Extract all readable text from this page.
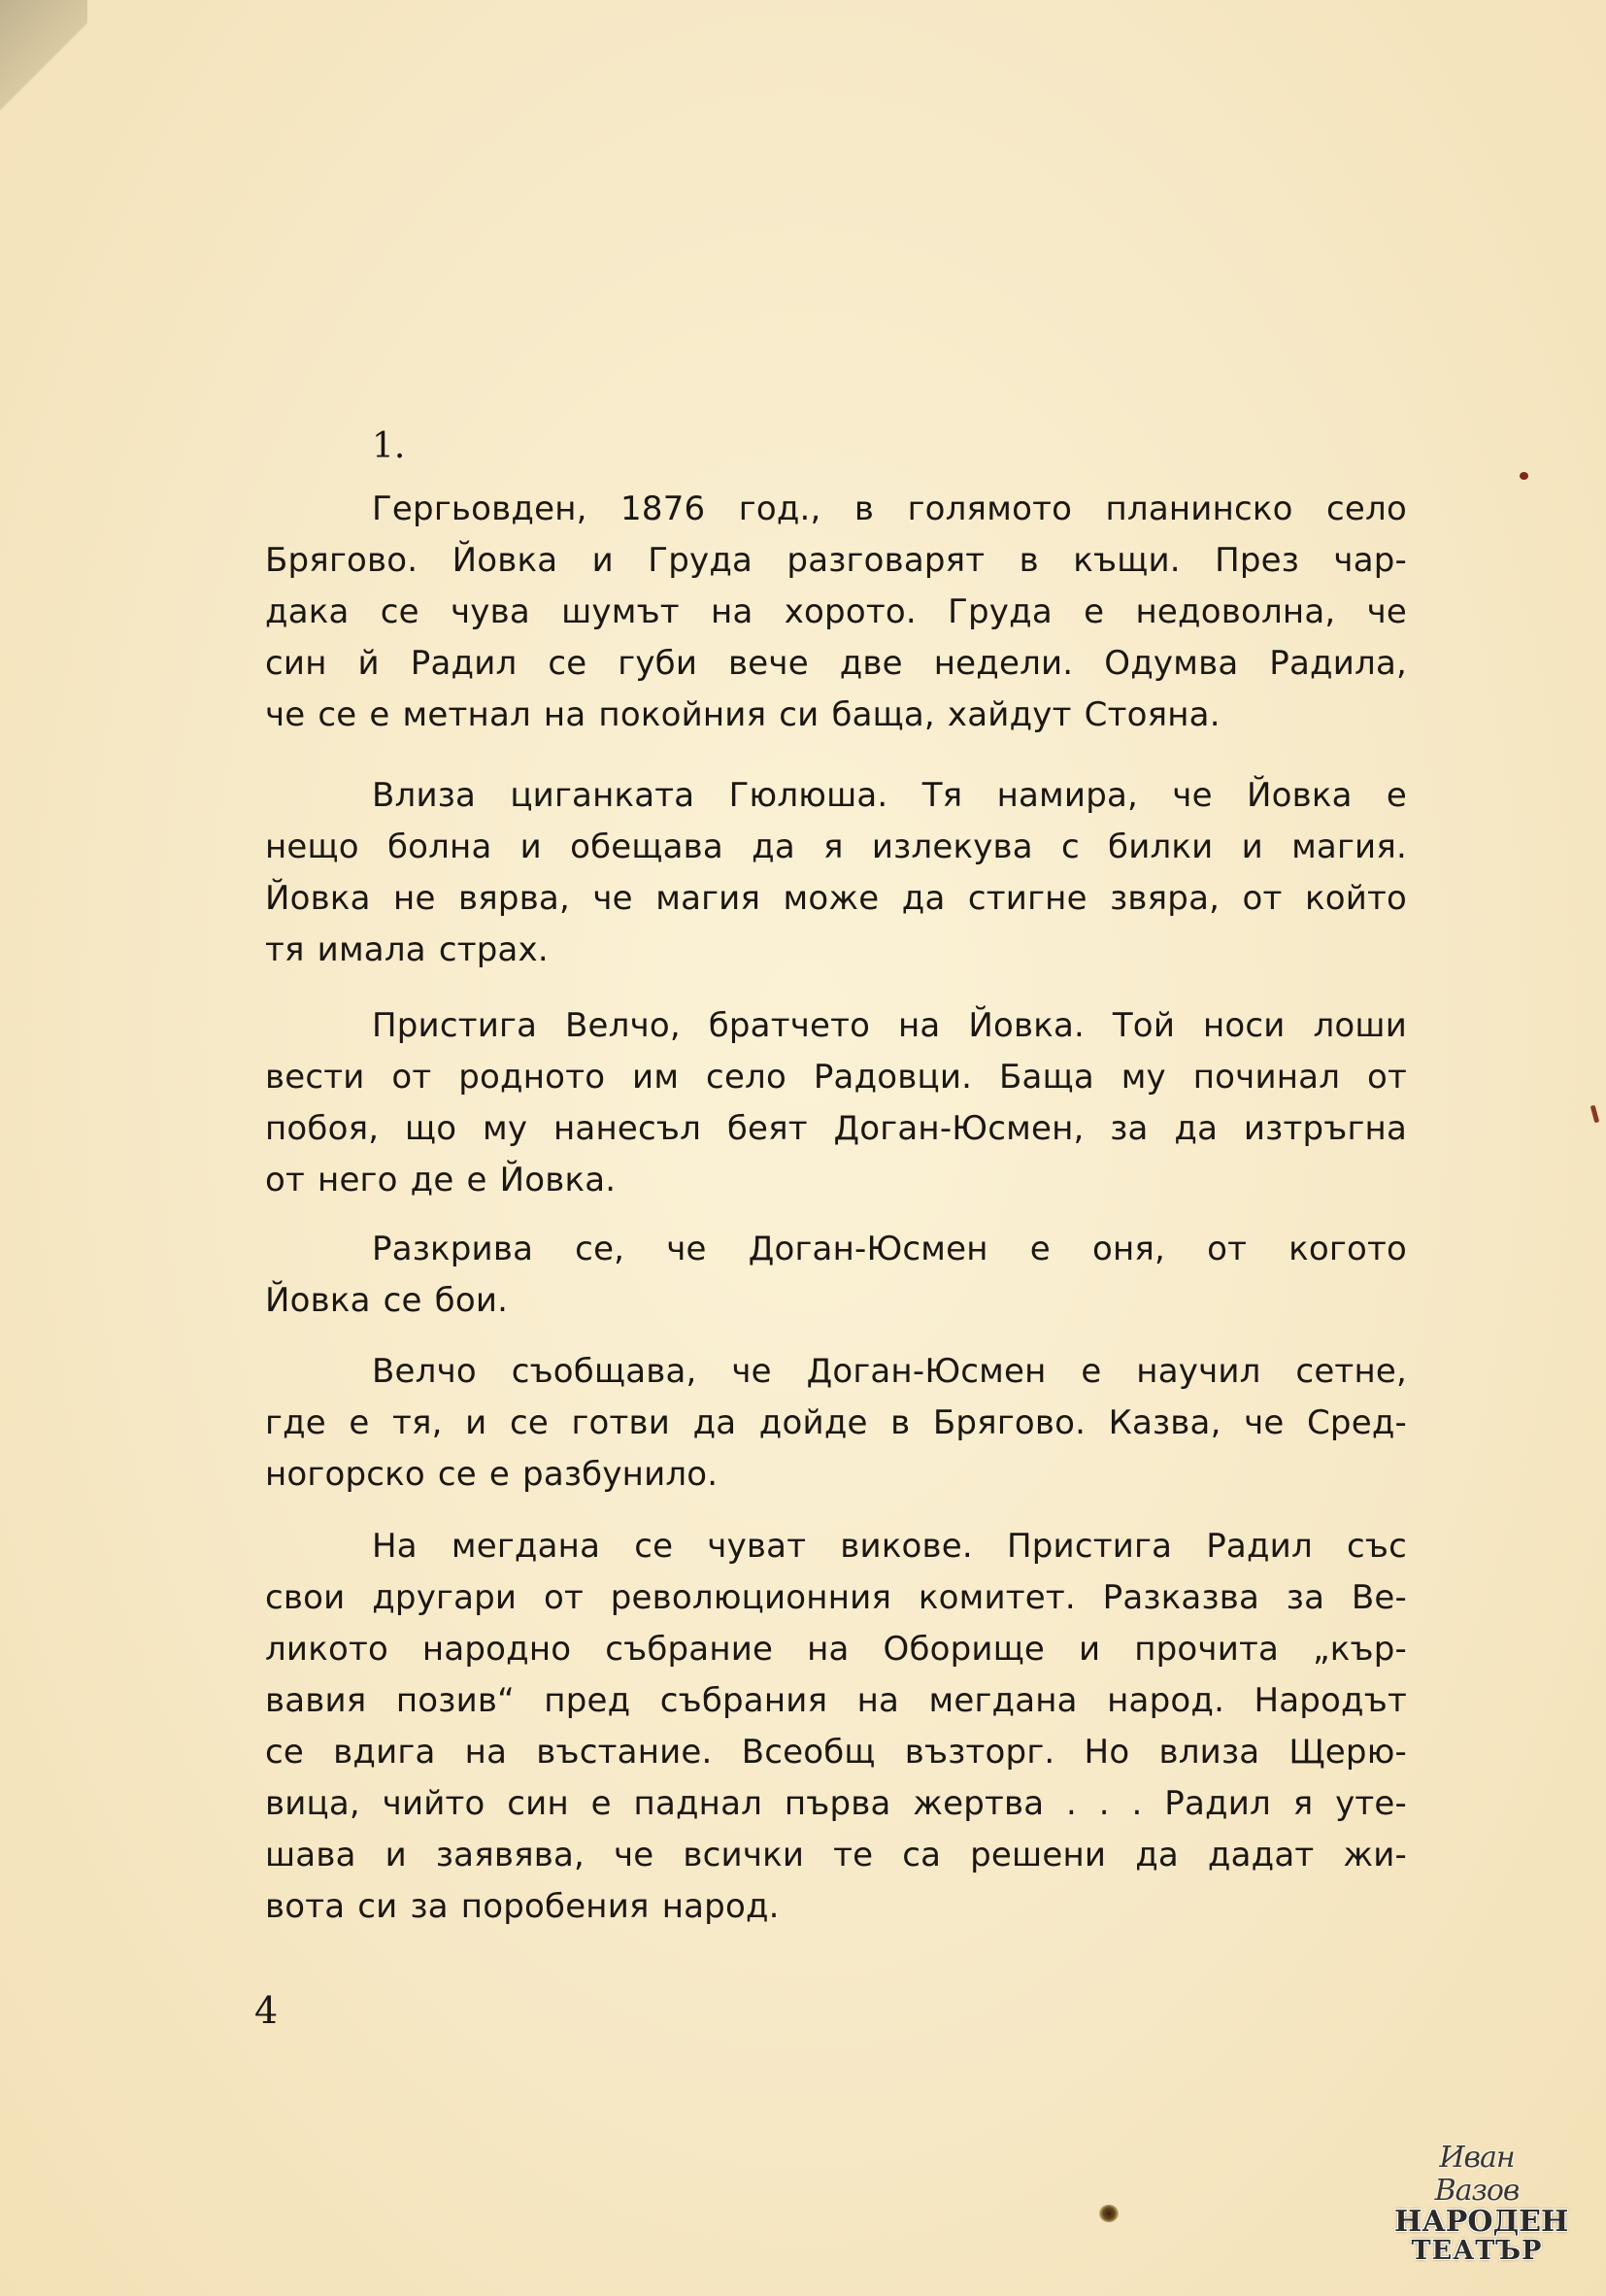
1.
Гергьовден, 1876 год., в голямото планинско село
Брягово. Йовка и Груда разговарят в къщи. През чар-
дака се чува шумът на хорото. Груда е недоволна, че
син й Радил се губи вече две недели. Одумва Радила,
че се е метнал на покойния си баща, хайдут Стояна.
Влиза циганката Гюлюша. Тя намира, че Йовка е
нещо болна и обещава да я излекува с билки и магия.
Йовка не вярва, че магия може да стигне звяра, от който
тя имала страх.
Пристига Велчо, братчето на Йовка. Той носи лоши
вести от родното им село Радовци. Баща му починал от
побоя, що му нанесъл беят Доган-Юсмен, за да изтръгна
от него де е Йовка.
Разкрива се, че Доган-Юсмен е оня, от когото
Йовка се бои.
Велчо съобщава, че Доган-Юсмен е научил сетне,
где е тя, и се готви да дойде в Брягово. Казва, че Сред-
ногорско се е разбунило.
На мегдана се чуват викове. Пристига Радил със
свои другари от революционния комитет. Разказва за Ве-
ликото народно събрание на Оборище и прочита „кър-
вавия позив“ пред събрания на мегдана народ. Народът
се вдига на въстание. Всеобщ възторг. Но влиза Щерю-
вица, чийто син е паднал първа жертва . . . Радил я уте-
шава и заявява, че всички те са решени да дадат жи-
вота си за поробения народ.
4
Иван Вазов
НАРОДЕН
ТЕАТЪР
